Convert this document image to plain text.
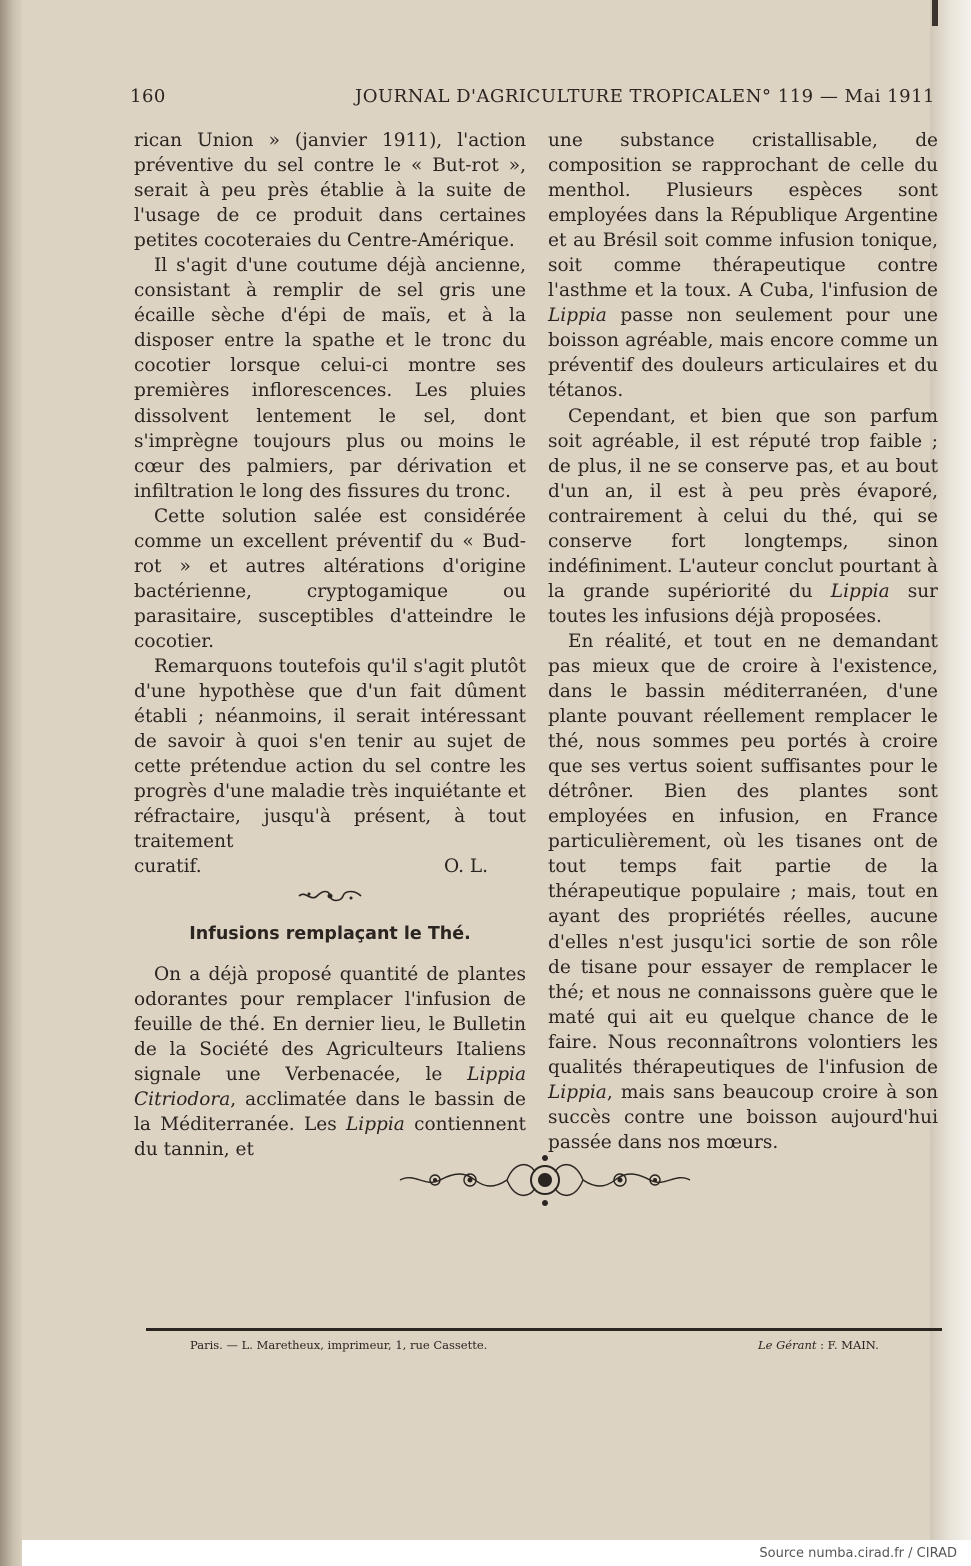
160	JOURNAL D'AGRICULTURE TROPICALE N° 119 — Mai 1911

rican Union » (janvier 1911), l'action préventive du sel contre le « But-rot », serait à peu près établie à la suite de l'usage de ce produit dans certaines petites cocoteraies du Centre-Amérique.

Il s'agit d'une coutume déjà ancienne, consistant à remplir de sel gris une écaille sèche d'épi de maïs, et à la disposer entre la spathe et le tronc du cocotier lorsque celui-ci montre ses premières inflorescences. Les pluies dissolvent lentement le sel, dont s'imprègne toujours plus ou moins le cœur des palmiers, par dérivation et infiltration le long des fissures du tronc.

Cette solution salée est considérée comme un excellent préventif du « Bud-rot » et autres altérations d'origine bactérienne, cryptogamique ou parasitaire, susceptibles d'atteindre le cocotier.

Remarquons toutefois qu'il s'agit plutôt d'une hypothèse que d'un fait dûment établi ; néanmoins, il serait intéressant de savoir à quoi s'en tenir au sujet de cette prétendue action du sel contre les progrès d'une maladie très inquiétante et réfractaire, jusqu'à présent, à tout traitement

curatif.	O. L.

Infusions remplaçant le Thé.

On a déjà proposé quantité de plantes odorantes pour remplacer l'infusion de feuille de thé. En dernier lieu, le Bulletin de la Société des Agriculteurs Italiens signale une Verbenacée, le Lippia Citriodora, acclimatée dans le bassin de la Méditerranée. Les Lippia contiennent du tannin, et

une substance cristallisable, de composition se rapprochant de celle du menthol. Plusieurs espèces sont employées dans la République Argentine et au Brésil soit comme infusion tonique, soit comme thérapeutique contre l'asthme et la toux. A Cuba, l'infusion de Lippia passe non seulement pour une boisson agréable, mais encore comme un préventif des douleurs articulaires et du tétanos.

Cependant, et bien que son parfum soit agréable, il est réputé trop faible ; de plus, il ne se conserve pas, et au bout d'un an, il est à peu près évaporé, contrairement à celui du thé, qui se conserve fort longtemps, sinon indéfiniment. L'auteur conclut pourtant à la grande supériorité du Lippia sur toutes les infusions déjà proposées.

En réalité, et tout en ne demandant pas mieux que de croire à l'existence, dans le bassin méditerranéen, d'une plante pouvant réellement remplacer le thé, nous sommes peu portés à croire que ses vertus soient suffisantes pour le détrôner. Bien des plantes sont employées en infusion, en France particulièrement, où les tisanes ont de tout temps fait partie de la thérapeutique populaire ; mais, tout en ayant des propriétés réelles, aucune d'elles n'est jusqu'ici sortie de son rôle de tisane pour essayer de remplacer le thé; et nous ne connaissons guère que le maté qui ait eu quelque chance de le faire. Nous reconnaîtrons volontiers les qualités thérapeutiques de l'infusion de Lippia, mais sans beaucoup croire à son succès contre une boisson aujourd'hui passée dans nos mœurs.

Paris. — L. Maretheux, imprimeur, 1, rue Cassette.	Le Gérant : F. MAIN.
Source numba.cirad.fr / CIRAD
